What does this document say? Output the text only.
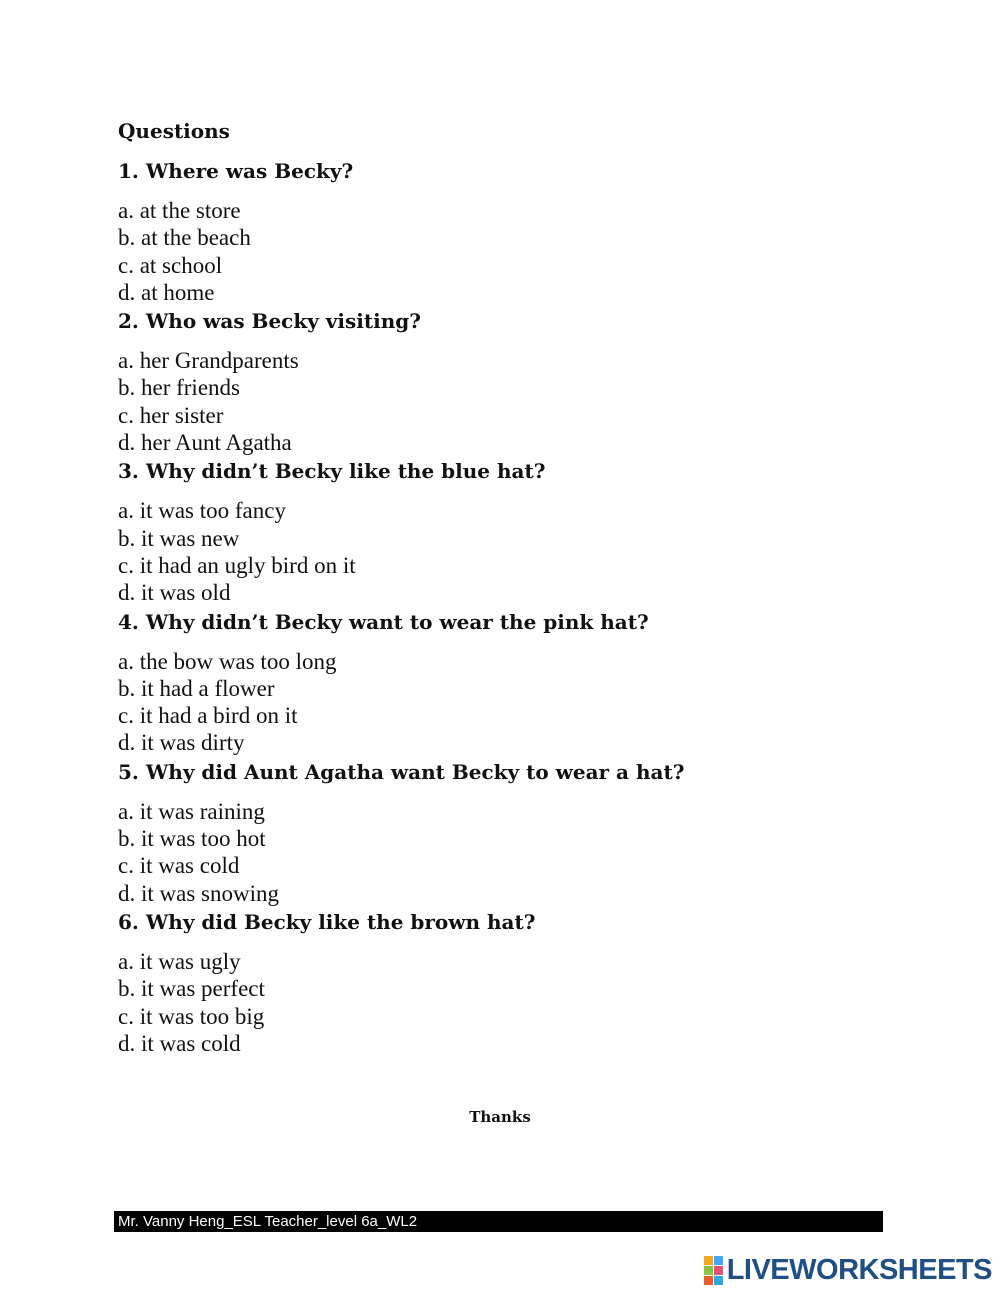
Questions
1. Where was Becky?
a. at the store
b. at the beach
c. at school
d. at home
2. Who was Becky visiting?
a. her Grandparents
b. her friends
c. her sister
d. her Aunt Agatha
3. Why didn’t Becky like the blue hat?
a. it was too fancy
b. it was new
c. it had an ugly bird on it
d. it was old
4. Why didn’t Becky want to wear the pink hat?
a. the bow was too long
b. it had a flower
c. it had a bird on it
d. it was dirty
5. Why did Aunt Agatha want Becky to wear a hat?
a. it was raining
b. it was too hot
c. it was cold
d. it was snowing
6. Why did Becky like the brown hat?
a. it was ugly
b. it was perfect
c. it was too big
d. it was cold
Thanks
Mr. Vanny Heng_ESL Teacher_level 6a_WL2
LIVEWORKSHEETS
